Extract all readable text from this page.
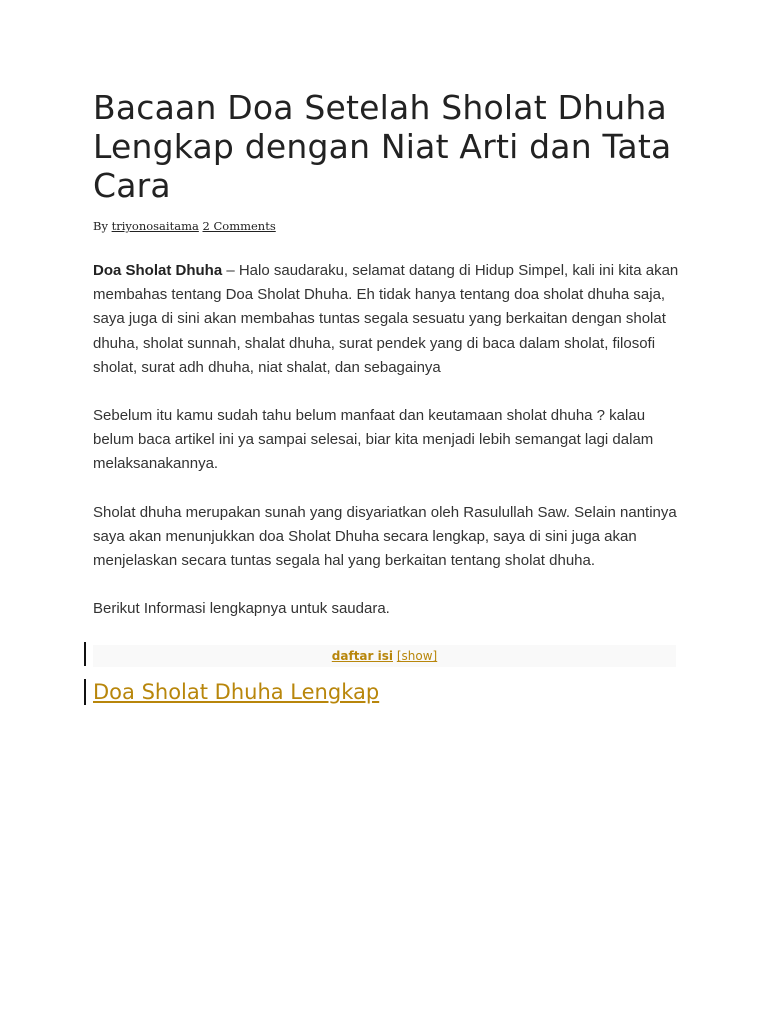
Bacaan Doa Setelah Sholat Dhuha Lengkap dengan Niat Arti dan Tata Cara
By triyonosaitama 2 Comments

Doa Sholat Dhuha – Halo saudaraku, selamat datang di Hidup Simpel, kali ini kita akan membahas tentang Doa Sholat Dhuha. Eh tidak hanya tentang doa sholat dhuha saja, saya juga di sini akan membahas tuntas segala sesuatu yang berkaitan dengan sholat dhuha, sholat sunnah, shalat dhuha, surat pendek yang di baca dalam sholat, filosofi sholat, surat adh dhuha, niat shalat, dan sebagainya

Sebelum itu kamu sudah tahu belum manfaat dan keutamaan sholat dhuha ? kalau belum baca artikel ini ya sampai selesai, biar kita menjadi lebih semangat lagi dalam melaksanakannya.

Sholat dhuha merupakan sunah yang disyariatkan oleh Rasulullah Saw. Selain nantinya saya akan menunjukkan doa Sholat Dhuha secara lengkap, saya di sini juga akan menjelaskan secara tuntas segala hal yang berkaitan tentang sholat dhuha.

Berikut Informasi lengkapnya untuk saudara.

daftar isi [show]
Doa Sholat Dhuha Lengkap
